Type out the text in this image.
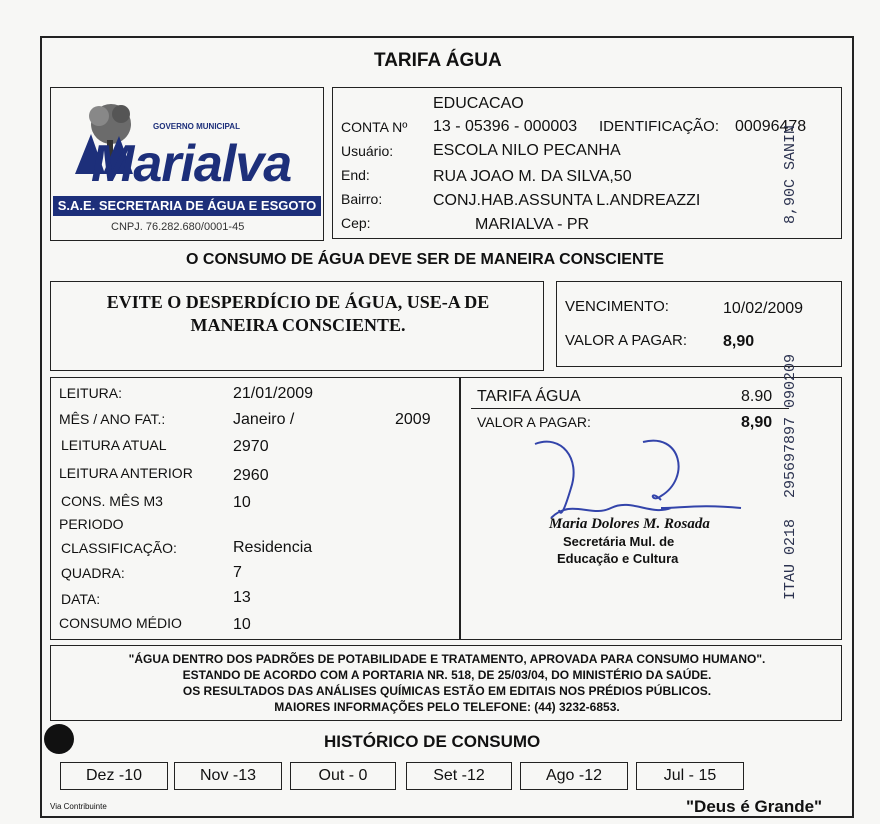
TARIFA ÁGUA
GOVERNO MUNICIPAL
Marialva
S.A.E. SECRETARIA DE ÁGUA E ESGOTO
CNPJ. 76.282.680/0001-45
EDUCACAO
CONTA Nº 13 - 05396 - 000003 IDENTIFICAÇÃO: 00096478
Usuário: ESCOLA NILO PECANHA
End:	RUA JOAO M. DA SILVA,50
Bairro:	CONJ.HAB.ASSUNTA L.ANDREAZZI
Cep:	MARIALVA - PR
O CONSUMO DE ÁGUA DEVE SER DE MANEIRA CONSCIENTE
EVITE O DESPERDÍCIO DE ÁGUA, USE-A DE
MANEIRA CONSCIENTE.
VENCIMENTO:	10/02/2009
VALOR A PAGAR: 8,90
LEITURA:	21/01/2009
MÊS / ANO FAT.:	Janeiro /	2009
LEITURA ATUAL	2970
LEITURA ANTERIOR	2960
CONS. MÊS M3	10
PERIODO
CLASSIFICAÇÃO:	Residencia
QUADRA:	7
DATA:	13
CONSUMO MÉDIO	10
TARIFA ÁGUA	8.90
VALOR A PAGAR:	8,90
Maria Dolores M. Rosada
Secretária Mul. de
Educação e Cultura
"ÁGUA DENTRO DOS PADRÕES DE POTABILIDADE E TRATAMENTO, APROVADA PARA CONSUMO HUMANO".
ESTANDO DE ACORDO COM A PORTARIA NR. 518, DE 25/03/04, DO MINISTÉRIO DA SAÚDE.
OS RESULTADOS DAS ANÁLISES QUÍMICAS ESTÃO EM EDITAIS NOS PRÉDIOS PÚBLICOS.
MAIORES INFORMAÇÕES PELO TELEFONE: (44) 3232-6853.
HISTÓRICO DE CONSUMO
Dez -10	Nov -13	Out - 0	Set -12	Ago -12	Jul - 15
Via Contribuinte	"Deus é Grande"
8,90C SANIN
295697897 090209
ITAU 0218
